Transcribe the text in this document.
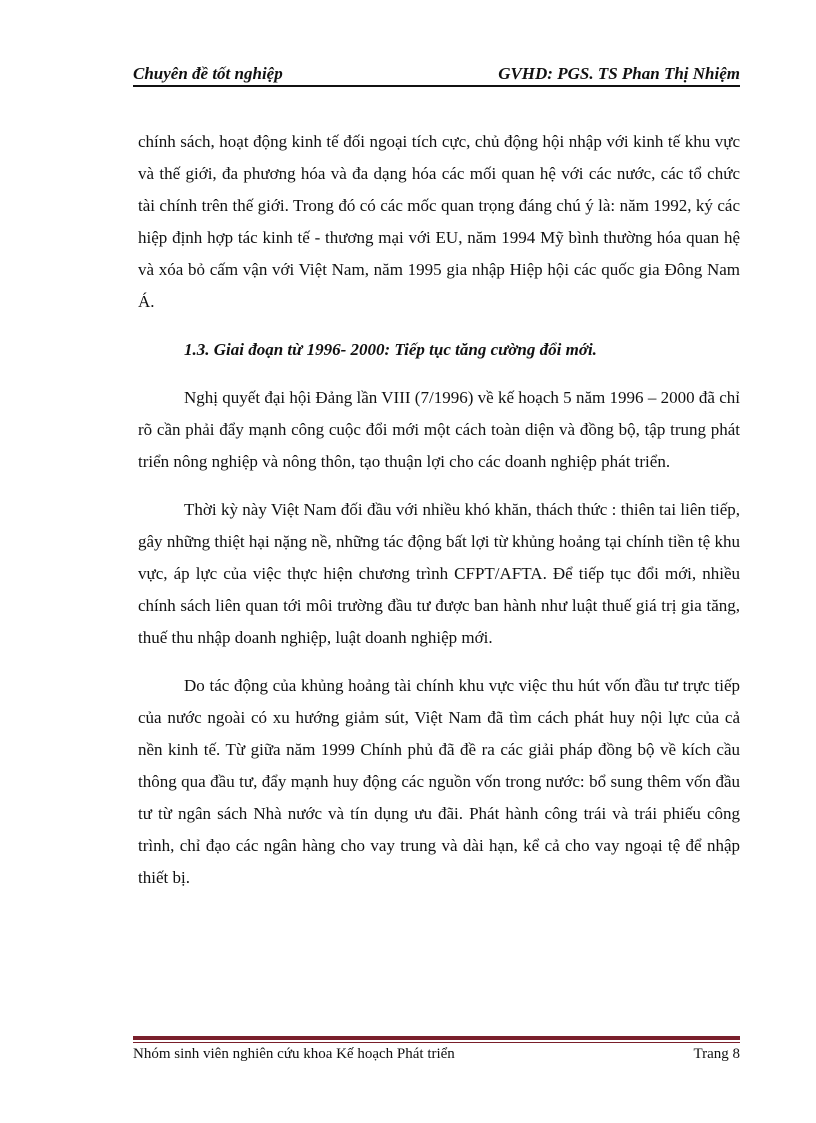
Chuyên đề tốt nghiệp	GVHD: PGS. TS Phan Thị Nhiệm

chính sách, hoạt động kinh tế đối ngoại tích cực, chủ động hội nhập với kinh tế khu vực và thế giới, đa phương hóa và đa dạng hóa các mối quan hệ với các nước, các tổ chức tài chính trên thế giới. Trong đó có các mốc quan trọng đáng chú ý là: năm 1992, ký các hiệp định hợp tác kinh tế - thương mại với EU, năm 1994 Mỹ bình thường hóa quan hệ và xóa bỏ cấm vận với Việt Nam, năm 1995 gia nhập Hiệp hội các quốc gia Đông Nam Á.

1.3. Giai đoạn từ 1996- 2000: Tiếp tục tăng cường đổi mới.

Nghị quyết đại hội Đảng lần VIII (7/1996) về kế hoạch 5 năm 1996 – 2000 đã chỉ rõ cần phải đẩy mạnh công cuộc đổi mới một cách toàn diện và đồng bộ, tập trung phát triển nông nghiệp và nông thôn, tạo thuận lợi cho các doanh nghiệp phát triển.

Thời kỳ này Việt Nam đối đầu với nhiều khó khăn, thách thức : thiên tai liên tiếp, gây những thiệt hại nặng nề, những tác động bất lợi từ khủng hoảng tại chính tiền tệ khu vực, áp lực của việc thực hiện chương trình CFPT/AFTA. Để tiếp tục đổi mới, nhiều chính sách liên quan tới môi trường đầu tư được ban hành như luật thuế giá trị gia tăng, thuế thu nhập doanh nghiệp, luật doanh nghiệp mới.

Do tác động của khủng hoảng tài chính khu vực việc thu hút vốn đầu tư trực tiếp của nước ngoài có xu hướng giảm sút, Việt Nam đã tìm cách phát huy nội lực của cả nền kinh tế. Từ giữa năm 1999 Chính phủ đã đề ra các giải pháp đồng bộ về kích cầu thông qua đầu tư, đẩy mạnh huy động các nguồn vốn trong nước: bổ sung thêm vốn đầu tư từ ngân sách Nhà nước và tín dụng ưu đãi. Phát hành công trái và trái phiếu công trình, chỉ đạo các ngân hàng cho vay trung và dài hạn, kể cả cho vay ngoại tệ để nhập thiết bị.

Nhóm sinh viên nghiên cứu khoa Kế hoạch Phát triển	Trang 8
